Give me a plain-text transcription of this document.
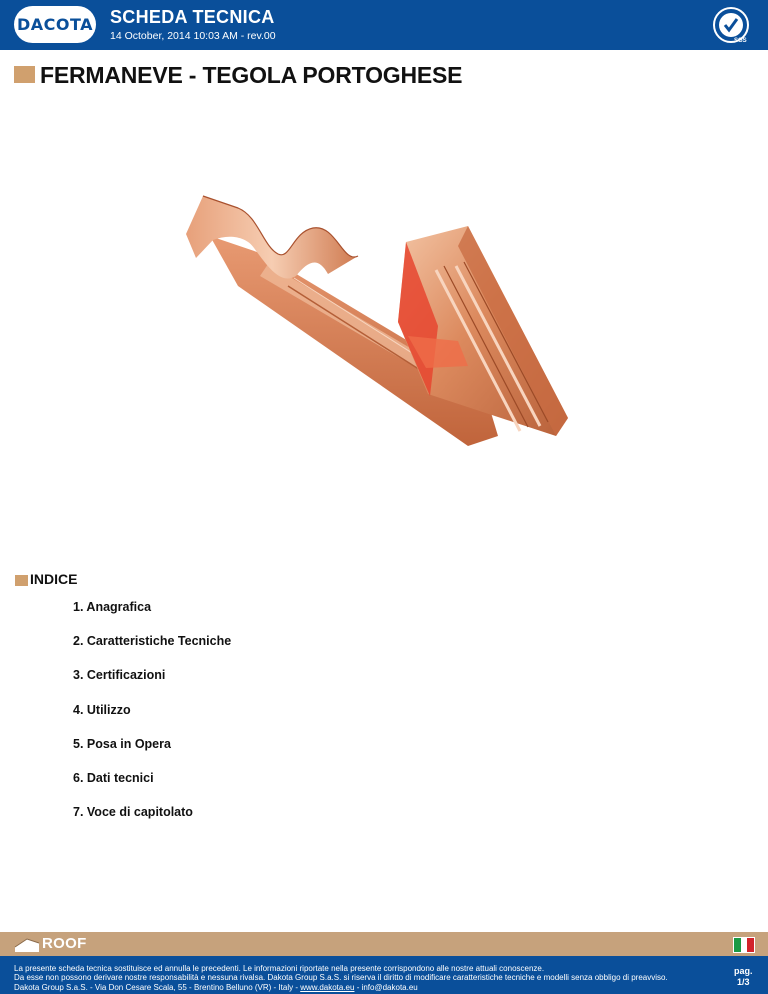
DACOTA SCHEDA TECNICA
14 October, 2014 10:03 AM - rev.00	SGS
FERMANEVE - TEGOLA PORTOGHESE
INDICE
1. Anagrafica
2. Caratteristiche Tecniche
3. Certificazioni
4. Utilizzo
5. Posa in Opera
6. Dati tecnici
7. Voce di capitolato
ROOF
La presente scheda tecnica sostituisce ed annulla le precedenti. Le informazioni riportate nella presente corrispondono alle nostre attuali conoscenze.
Da esse non possono derivare nostre responsabilità e nessuna rivalsa. Dakota Group S.a.S. si riserva il diritto di modificare caratteristiche tecniche e modelli senza obbligo di preavviso.
Dakota Group S.a.S. - Via Don Cesare Scala, 55 - Brentino Belluno (VR) - Italy - www.dakota.eu - info@dakota.eu
pag.
1/3
